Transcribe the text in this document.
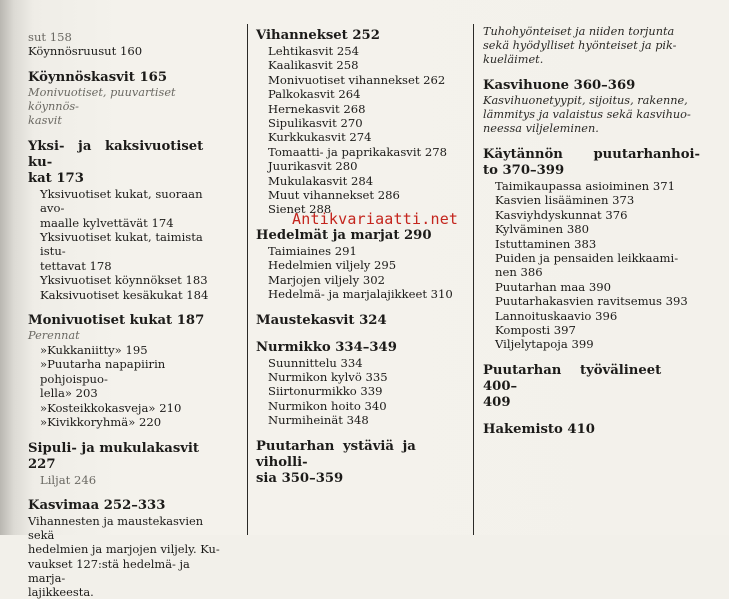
sut 158

Köynnösruusut 160

Köynnöskasvit 165

Monivuotiset, puuvartiset köynnös-

kasvit

Yksi- ja kaksivuotiset ku-

kat 173

Yksivuotiset kukat, suoraan avo-

maalle kylvettävät 174

Yksivuotiset kukat, taimista istu-

tettavat 178

Yksivuotiset köynnökset 183

Kaksivuotiset kesäkukat 184

Monivuotiset kukat 187

Perennat

»Kukkaniitty» 195

»Puutarha napapiirin pohjoispuo-

lella» 203

»Kosteikkokasveja» 210

»Kivikkoryhmä» 220

Sipuli- ja mukulakasvit 227

Liljat 246

Kasvimaa 252–333

Vihannesten ja maustekasvien sekä

hedelmien ja marjojen viljely. Ku-

vaukset 127:stä hedelmä- ja marja-

lajikkeesta.

Vihannekset 252

Lehtikasvit 254

Kaalikasvit 258

Monivuotiset vihannekset 262

Palkokasvit 264

Hernekasvit 268

Sipulikasvit 270

Kurkkukasvit 274

Tomaatti- ja paprikakasvit 278

Juurikasvit 280

Mukulakasvit 284

Muut vihannekset 286

Sienet 288

Hedelmät ja marjat 290

Taimiaines 291

Hedelmien viljely 295

Marjojen viljely 302

Hedelmä- ja marjalajikkeet 310

Maustekasvit 324

Nurmikko 334–349

Suunnittelu 334

Nurmikon kylvö 335

Siirtonurmikko 339

Nurmikon hoito 340

Nurmiheinät 348

Puutarhan ystäviä ja viholli-

sia 350–359

Tuhohyönteiset ja niiden torjunta

sekä hyödylliset hyönteiset ja pik-

kueläimet.

Kasvihuone 360–369

Kasvihuonetyypit, sijoitus, rakenne,

lämmitys ja valaistus sekä kasvihuo-

neessa viljeleminen.

Käytännön puutarhanhoi-

to 370–399

Taimikaupassa asioiminen 371

Kasvien lisääminen 373

Kasviyhdyskunnat 376

Kylväminen 380

Istuttaminen 383

Puiden ja pensaiden leikkaami-

nen 386

Puutarhan maa 390

Puutarhakasvien ravitsemus 393

Lannoituskaavio 396

Komposti 397

Viljelytapoja 399

Puutarhan työvälineet 400–

409

Hakemisto 410

Antikvariaatti.net
